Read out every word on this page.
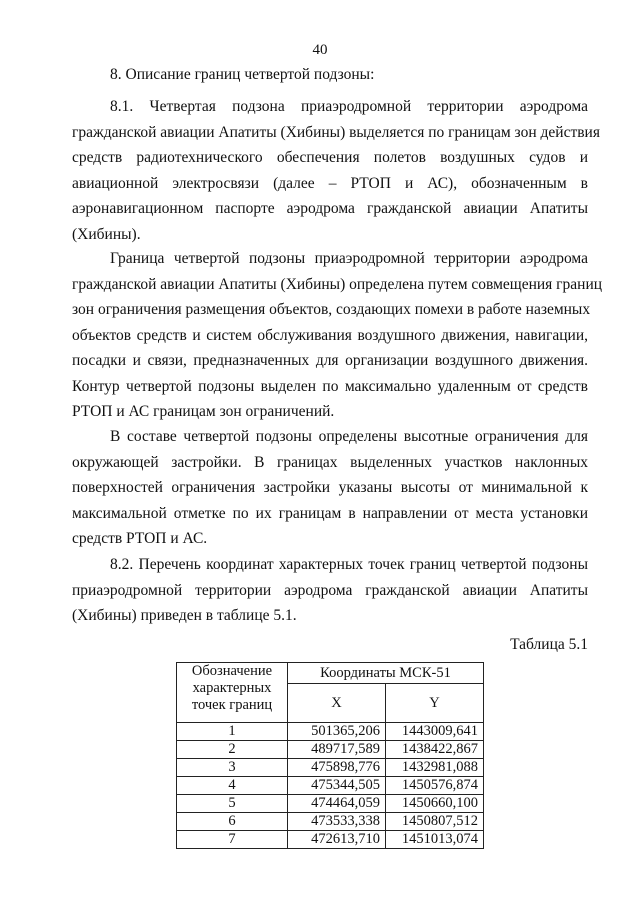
40
8. Описание границ четвертой подзоны:
8.1. Четвертая подзона приаэродромной территории аэродрома
гражданской авиации Апатиты (Хибины) выделяется по границам зон действия
средств радиотехнического обеспечения полетов воздушных судов и
авиационной электросвязи (далее – РТОП и АС), обозначенным в
аэронавигационном паспорте аэродрома гражданской авиации Апатиты
(Хибины).
Граница четвертой подзоны приаэродромной территории аэродрома
гражданской авиации Апатиты (Хибины) определена путем совмещения границ
зон ограничения размещения объектов, создающих помехи в работе наземных
объектов средств и систем обслуживания воздушного движения, навигации,
посадки и связи, предназначенных для организации воздушного движения.
Контур четвертой подзоны выделен по максимально удаленным от средств
РТОП и АС границам зон ограничений.
В составе четвертой подзоны определены высотные ограничения для
окружающей застройки. В границах выделенных участков наклонных
поверхностей ограничения застройки указаны высоты от минимальной к
максимальной отметке по их границам в направлении от места установки
средств РТОП и АС.
8.2. Перечень координат характерных точек границ четвертой подзоны
приаэродромной территории аэродрома гражданской авиации Апатиты
(Хибины) приведен в таблице 5.1.
Таблица 5.1
Обозначение
характерных
точек границ	Координаты МСК-51	
	X	Y
1	501365,206	1443009,641
2	489717,589	1438422,867
3	475898,776	1432981,088
4	475344,505	1450576,874
5	474464,059	1450660,100
6	473533,338	1450807,512
7	472613,710	1451013,074
